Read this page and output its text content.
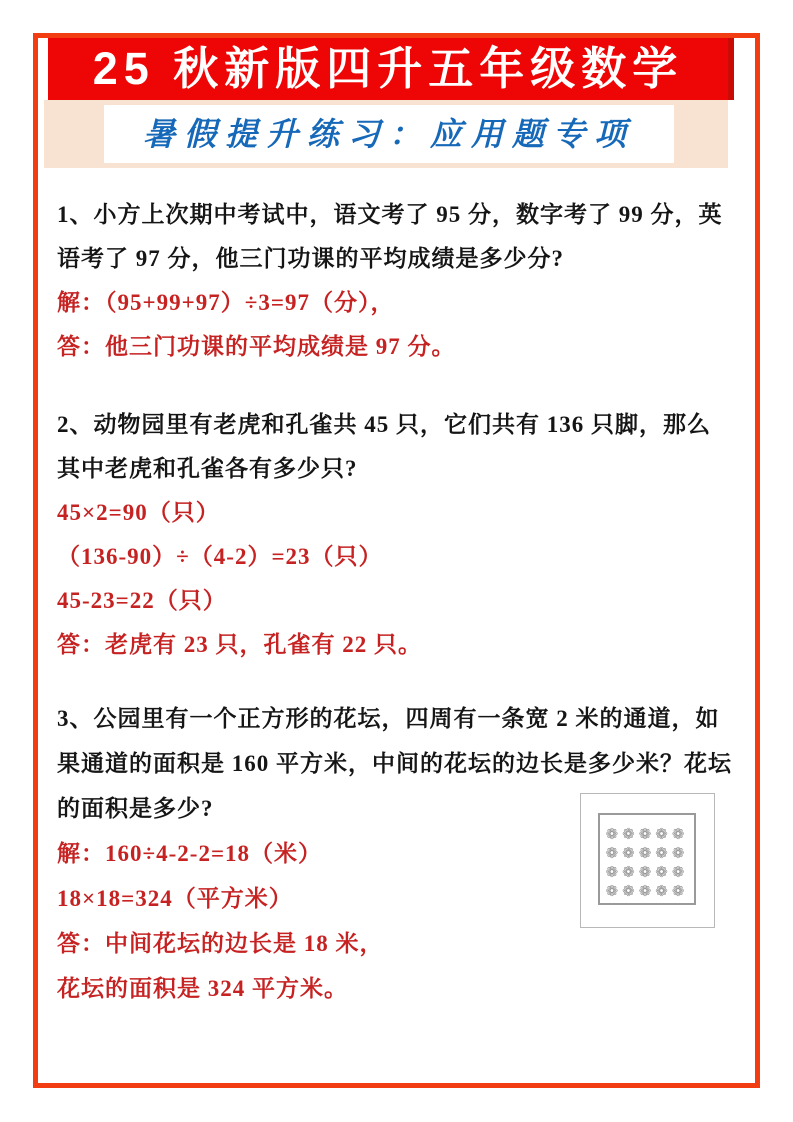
25 秋新版四升五年级数学
暑假提升练习：应用题专项
1、小方上次期中考试中，语文考了 95 分，数字考了 99 分，英
语考了 97 分，他三门功课的平均成绩是多少分?
解：（95+99+97）÷3=97（分），
答：他三门功课的平均成绩是 97 分。
2、动物园里有老虎和孔雀共 45 只，它们共有 136 只脚，那么
其中老虎和孔雀各有多少只?
45×2=90（只）
（136-90）÷（4-2）=23（只）
45-23=22（只）
答：老虎有 23 只，孔雀有 22 只。
3、公园里有一个正方形的花坛，四周有一条宽 2 米的通道，如
果通道的面积是 160 平方米，中间的花坛的边长是多少米？花坛
的面积是多少?
解：160÷4-2-2=18（米）
18×18=324（平方米）
答：中间花坛的边长是 18 米，
花坛的面积是 324 平方米。
❁❁❁❁❁
❁❁❁❁❁
❁❁❁❁❁
❁❁❁❁❁
